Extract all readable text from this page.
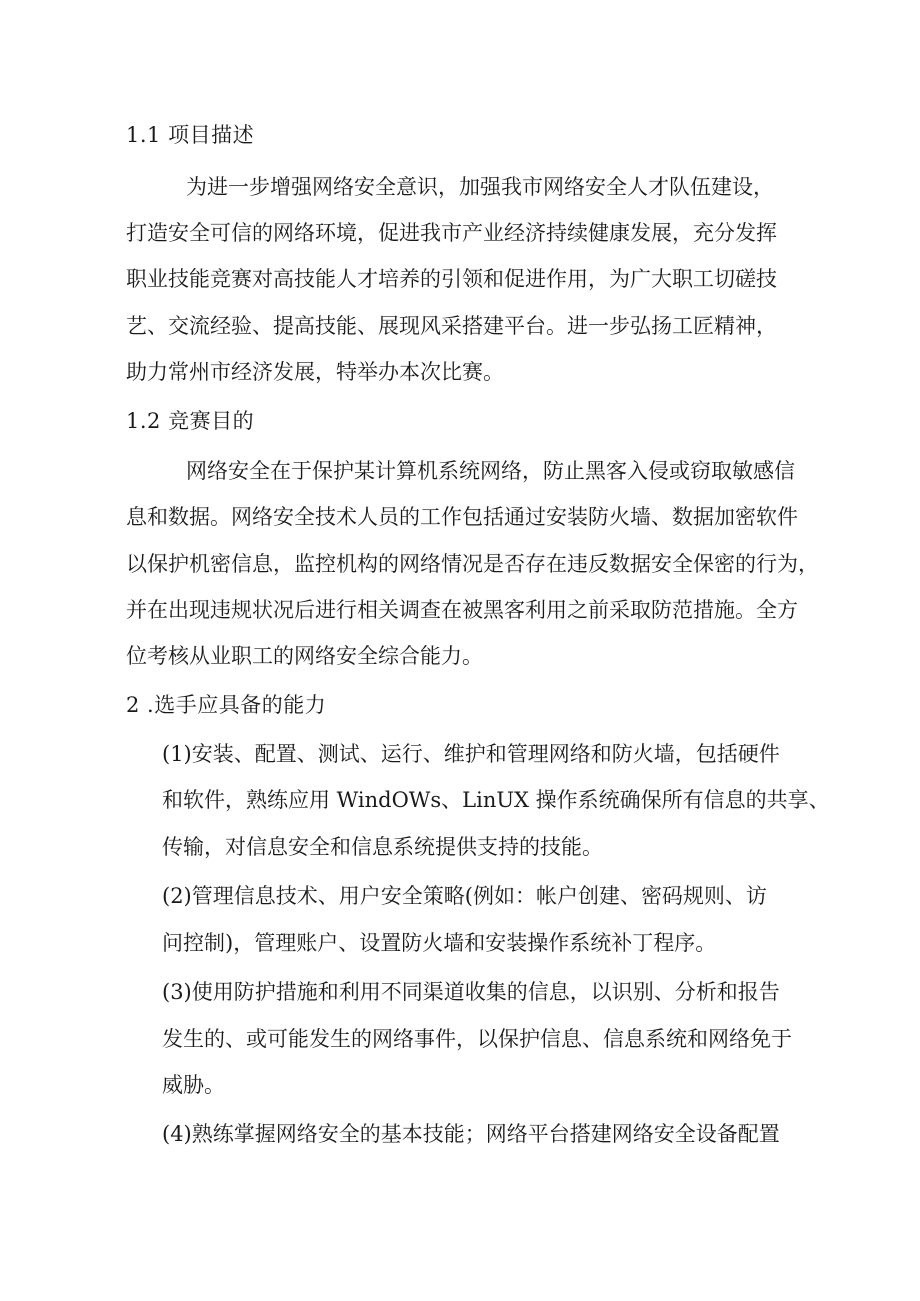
1.1 项目描述
为进一步增强网络安全意识，加强我市网络安全人才队伍建设，
打造安全可信的网络环境，促进我市产业经济持续健康发展，充分发挥
职业技能竞赛对高技能人才培养的引领和促进作用，为广大职工切磋技
艺、交流经验、提高技能、展现风采搭建平台。进一步弘扬工匠精神，
助力常州市经济发展，特举办本次比赛。
1.2 竞赛目的
网络安全在于保护某计算机系统网络，防止黑客入侵或窃取敏感信
息和数据。网络安全技术人员的工作包括通过安装防火墙、数据加密软件
以保护机密信息，监控机构的网络情况是否存在违反数据安全保密的行为，
并在出现违规状况后进行相关调查在被黑客利用之前采取防范措施。全方
位考核从业职工的网络安全综合能力。
2 .选手应具备的能力
(1)安装、配置、测试、运行、维护和管理网络和防火墙，包括硬件
和软件，熟练应用 WindOWs、LinUX 操作系统确保所有信息的共享、
传输，对信息安全和信息系统提供支持的技能。
(2)管理信息技术、用户安全策略(例如：帐户创建、密码规则、访
问控制)，管理账户、设置防火墙和安装操作系统补丁程序。
(3)使用防护措施和利用不同渠道收集的信息，以识别、分析和报告
发生的、或可能发生的网络事件，以保护信息、信息系统和网络免于
威胁。
(4)熟练掌握网络安全的基本技能；网络平台搭建网络安全设备配置
